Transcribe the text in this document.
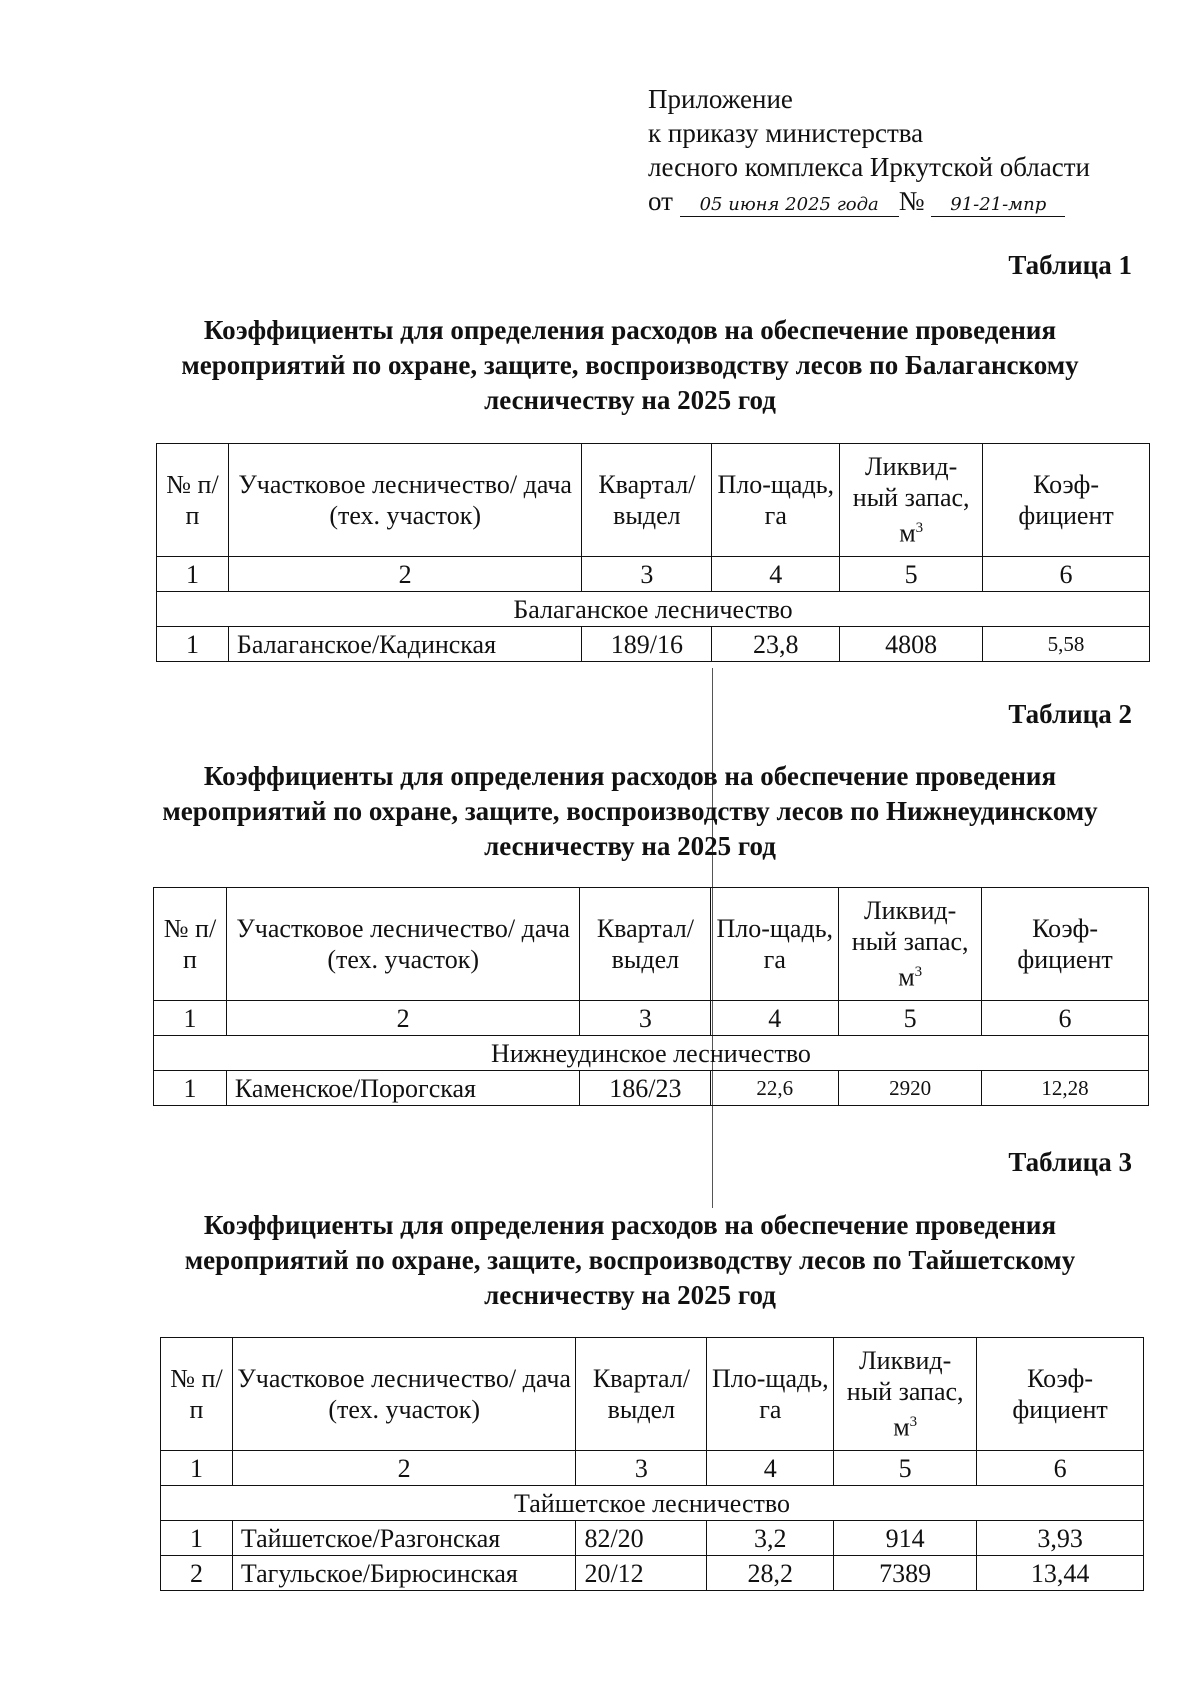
Приложение
к приказу министерства
лесного комплекса Иркутской области
от 05 июня 2025 года № 91-21-мпр
Таблица 1
Коэффициенты для определения расходов на обеспечение проведения мероприятий по охране, защите, воспроизводству лесов по Балаганскому лесничеству на 2025 год
№ п/п	Участковое лесничество/ дача (тех. участок)	Квартал/ выдел	Пло-щадь, га	Ликвид-ный запас, $м^3$	Коэф-фициент
1	2	3	4	5	6
Балаганское лесничество					
1	Балаганское/Кадинская	189/16	23,8	4808	5,58
Таблица 2
Коэффициенты для определения расходов на обеспечение проведения мероприятий по охране, защите, воспроизводству лесов по Нижнеудинскому лесничеству на 2025 год
№ п/п	Участковое лесничество/ дача (тех. участок)	Квартал/ выдел	Пло-щадь, га	Ликвид-ный запас, $м^3$	Коэф-фициент
1	2	3	4	5	6
Нижнеудинское лесничество					
1	Каменское/Порогская	186/23	22,6	2920	12,28
Таблица 3
Коэффициенты для определения расходов на обеспечение проведения мероприятий по охране, защите, воспроизводству лесов по Тайшетскому лесничеству на 2025 год
№ п/п	Участковое лесничество/ дача (тех. участок)	Квартал/ выдел	Пло-щадь, га	Ликвид-ный запас, $м^3$	Коэф-фициент
1	2	3	4	5	6
Тайшетское лесничество					
1	Тайшетское/Разгонская	82/20	3,2	914	3,93
2	Тагульское/Бирюсинская	20/12	28,2	7389	13,44
